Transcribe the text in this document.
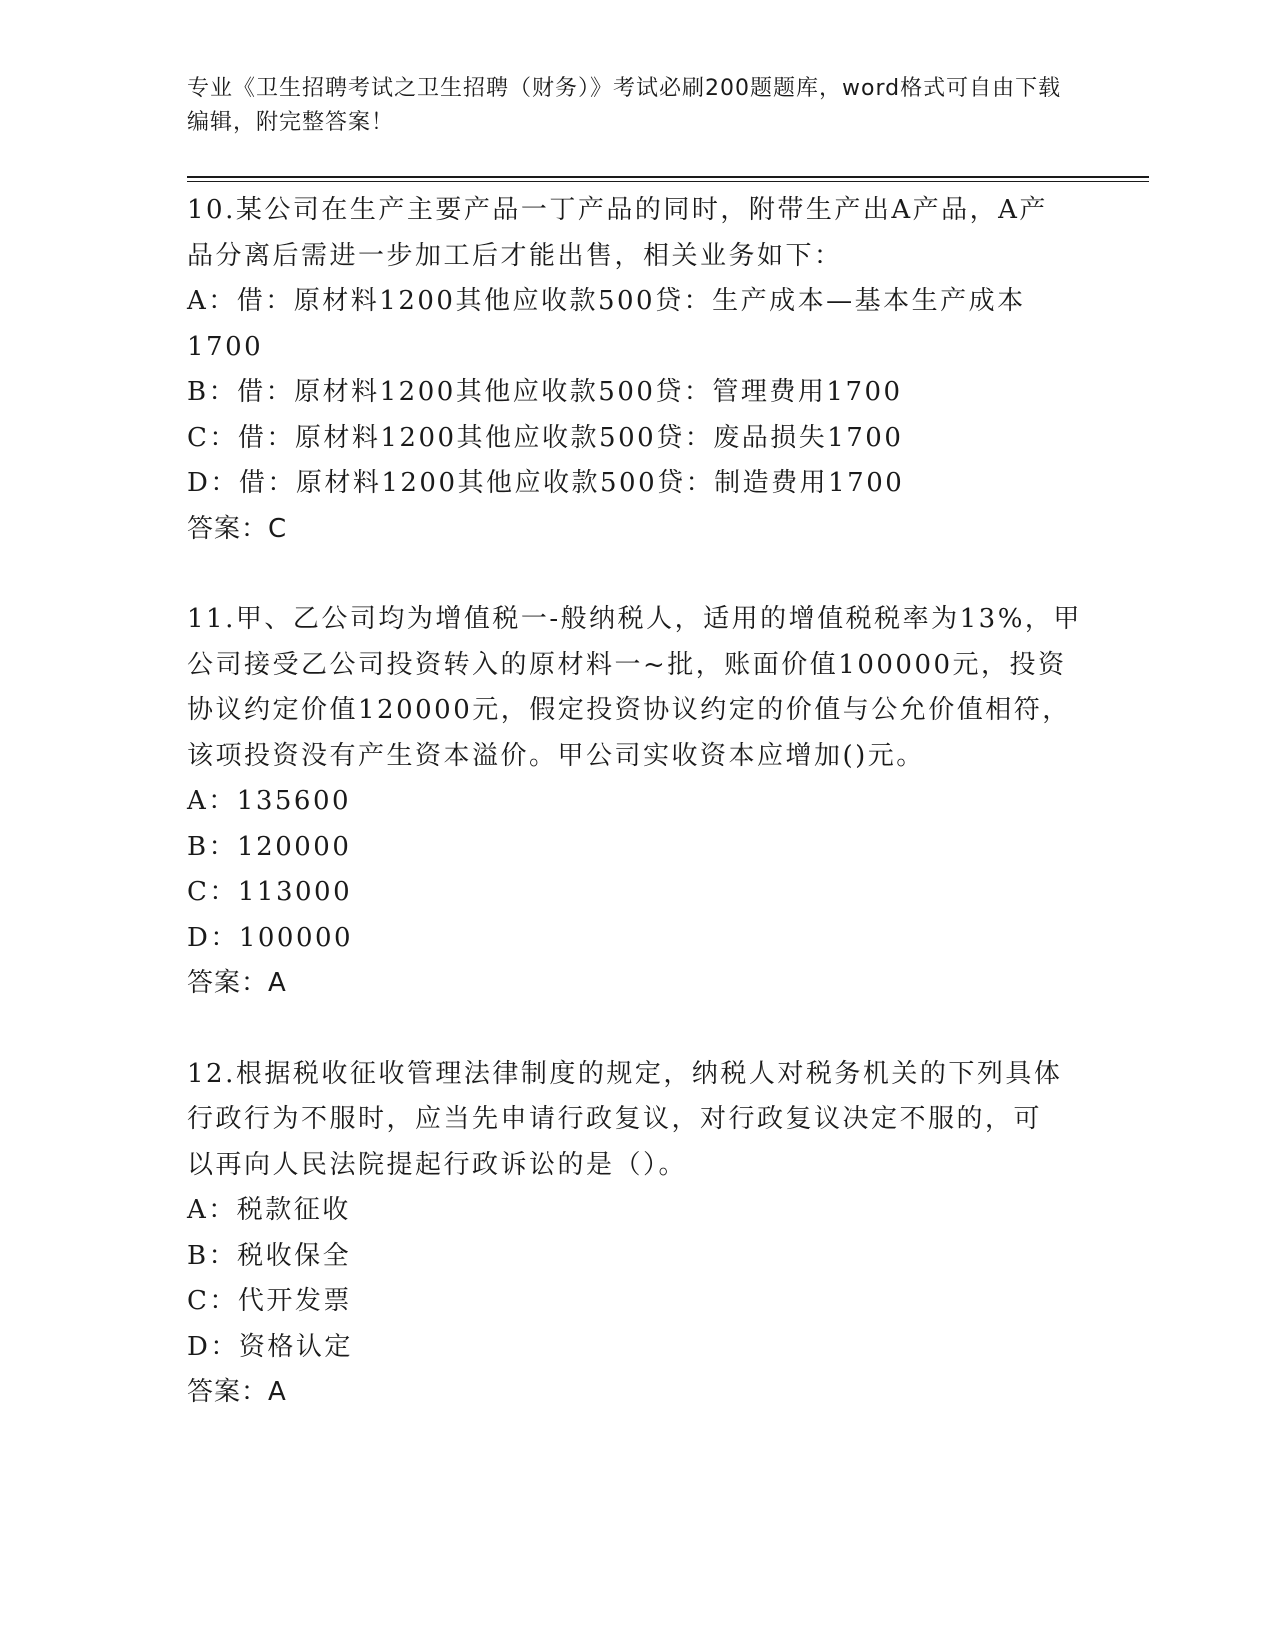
专业《卫生招聘考试之卫生招聘（财务）》考试必刷200题题库，word格式可自由下载编辑，附完整答案！

10.某公司在生产主要产品一丁产品的同时，附带生产出A产品，A产

品分离后需进一步加工后才能出售，相关业务如下：

A：借：原材料1200其他应收款500贷：生产成本—基本生产成本

1700

B：借：原材料1200其他应收款500贷：管理费用1700

C：借：原材料1200其他应收款500贷：废品损失1700

D：借：原材料1200其他应收款500贷：制造费用1700

答案：C

11.甲、乙公司均为增值税一-般纳税人，适用的增值税税率为13%，甲

公司接受乙公司投资转入的原材料一~批，账面价值100000元，投资

协议约定价值120000元，假定投资协议约定的价值与公允价值相符，

该项投资没有产生资本溢价。甲公司实收资本应增加()元。

A：135600

B：120000

C：113000

D：100000

答案：A

12.根据税收征收管理法律制度的规定，纳税人对税务机关的下列具体

行政行为不服时，应当先申请行政复议，对行政复议决定不服的，可

以再向人民法院提起行政诉讼的是（）。

A：税款征收

B：税收保全

C：代开发票

D：资格认定

答案：A
